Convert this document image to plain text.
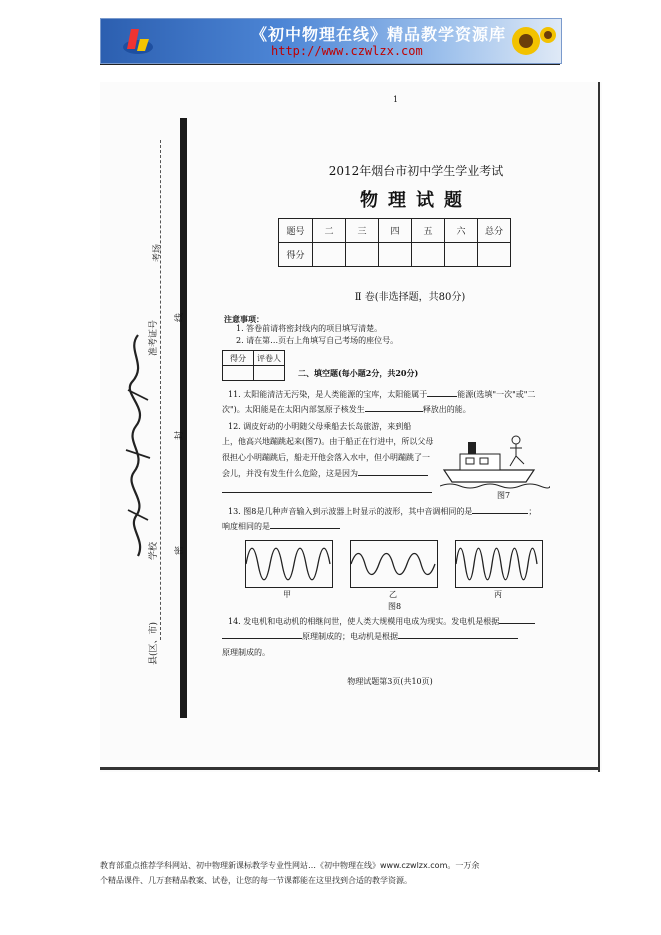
《初中物理在线》精品教学资源库
http://www.czwlzx.com
1
考场
准考证号
学校
县(区、市)
线
封
密
2012年烟台市初中学生学业考试
物理试题
题号	二	三	四	五	六	总分
得分						
Ⅱ 卷(非选择题，共80分)
注意事项：
1. 答卷前请将密封线内的项目填写清楚。
2. 请在第…页右上角填写自己考场的座位号。
得分	评卷人

二、填空题(每小题2分，共20分)
11. 太阳能清洁无污染，是人类能源的宝库，太阳能属于	能源(选填"一次"或"二
次")。太阳能是在太阳内部氢原子核发生	释放出的能。
12. 调皮好动的小明随父母乘船去长岛旅游，来到船
上，他高兴地蹦跳起来(图7)。由于船正在行进中，所以父母
很担心小明蹦跳后，船走开他会落入水中，但小明蹦跳了一
会儿，并没有发生什么危险，这是因为
图7
13. 图8是几种声音输入到示波器上时显示的波形，其中音调相同的是	；
响度相同的是
甲	乙	丙
图8
14. 发电机和电动机的相继问世，使人类大规模用电成为现实。发电机是根据
原理制成的；电动机是根据
原理制成的。
物理试题第3页(共10页)
教育部重点推荐学科网站、初中物理新课标教学专业性网站…《初中物理在线》www.czwlzx.com。一万余
个精品课件、几万套精品教案、试卷，让您的每一节课都能在这里找到合适的教学资源。
